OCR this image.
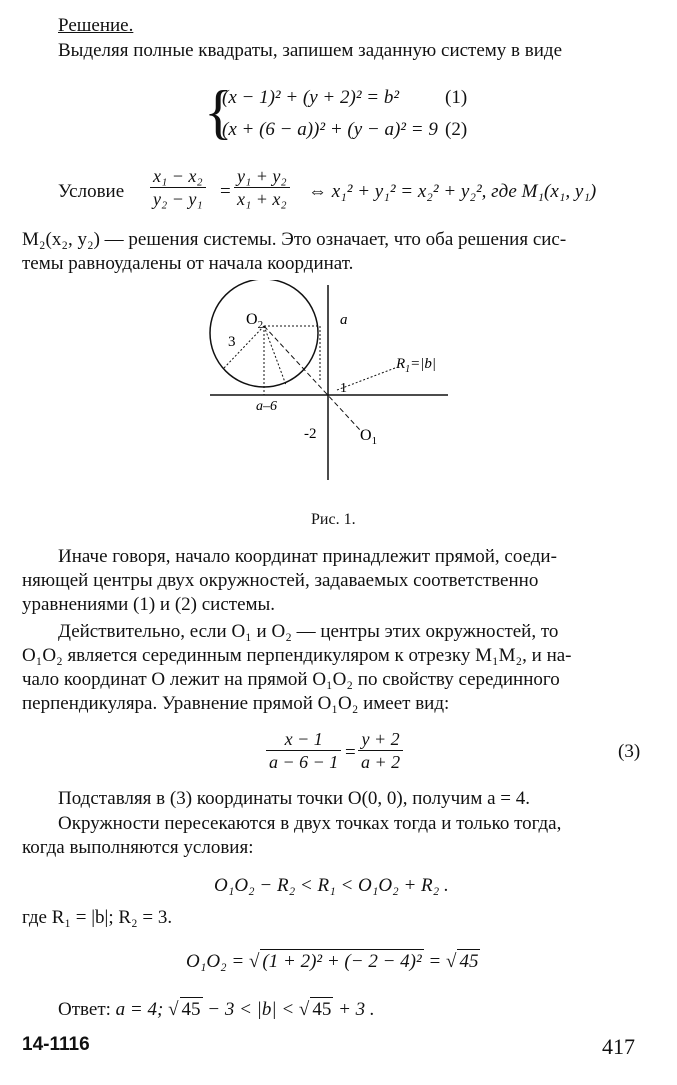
Решение.
Выделяя полные квадраты, запишем заданную систему в виде
{
(x − 1)² + (y + 2)² = b² (1)
(x + (6 − a))² + (y − a)² = 9 (2)
Условие $\frac{\text{x₁ − x₂}}{\text{y₂ − y₁}} = \frac{\text{y₁ + y₂}}{\text{x₁ + x₂}}$ ⇔ x₁² + y₁² = x₂² + y₂², где M₁(x₁, y₁)
M₂(x₂, y₂) — решения системы. Это означает, что оба решения сис-
темы равноудалены от начала координат.
$O_2$
3
a
$R_1=|b|$
1
a–6
-2	$O_1$
Рис. 1.
Иначе говоря, начало координат принадлежит прямой, соеди-
няющей центры двух окружностей, задаваемых соответственно
уравнениями (1) и (2) системы.
Действительно, если O₁ и O₂ — центры этих окружностей, то
O₁O₂ является серединным перпендикуляром к отрезку M₁M₂, и на-
чало координат O лежит на прямой O₁O₂ по свойству серединного
перпендикуляра. Уравнение прямой O₁O₂ имеет вид:
$\frac{x - 1}{a - 6 - 1} = \frac{y + 2}{a + 2}$	(3)
Подставляя в (3) координаты точки O(0, 0), получим a = 4.
Окружности пересекаются в двух точках тогда и только тогда,
когда выполняются условия:
O₁O₂ − R₂ < R₁ < O₁O₂ + R₂ .
где R₁ = |b|; R₂ = 3.
O₁O₂ = √ (1 + 2)² + (− 2 − 4)² = √ 45
Ответ: a = 4; √ 45 − 3 < |b| < √ 45 + 3 .
14-1116	417
